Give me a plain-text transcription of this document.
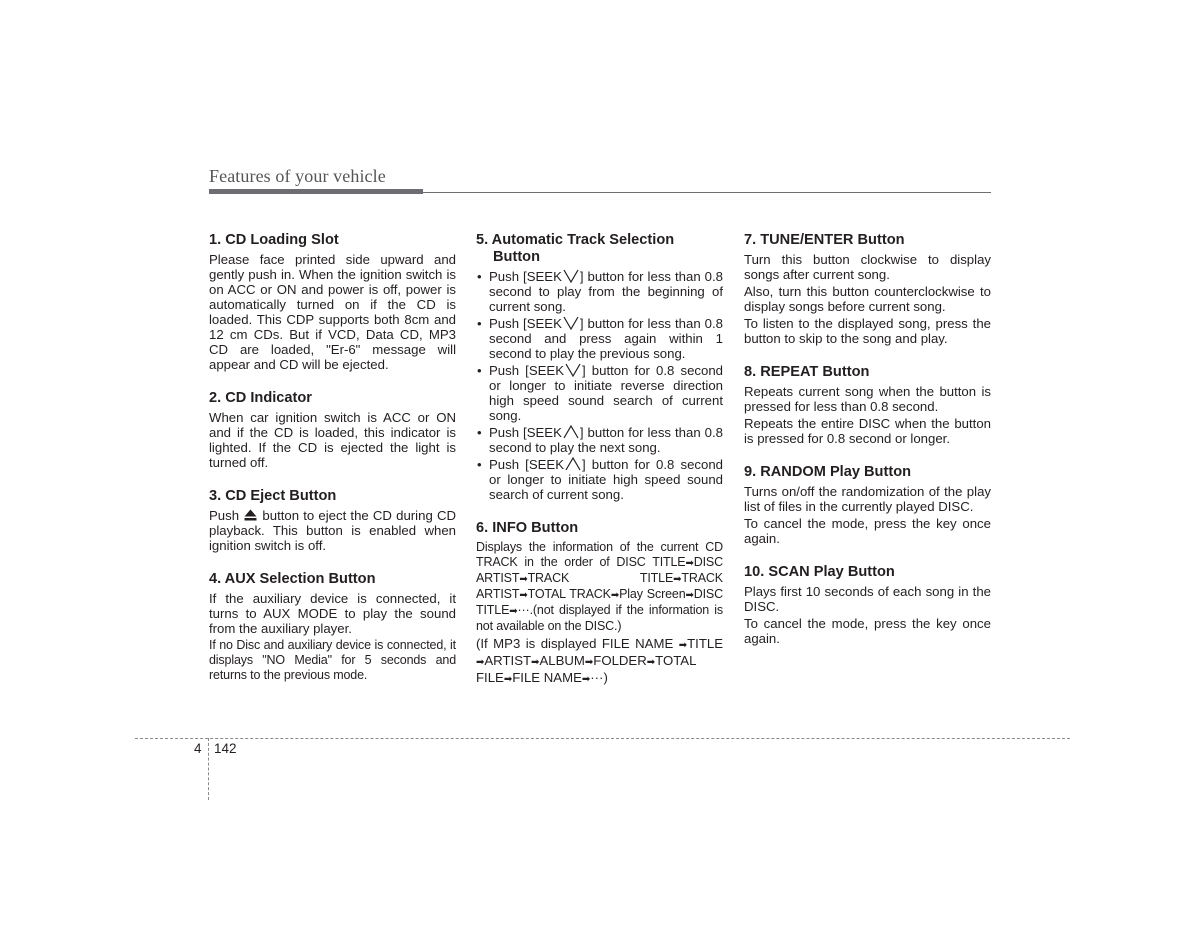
Features of your vehicle
1. CD Loading Slot
Please face printed side upward and gently push in. When the ignition switch is on ACC or ON and power is off, power is automatically turned on if the CD is loaded. This CDP supports both 8cm and 12 cm CDs. But if VCD, Data CD, MP3 CD are loaded, "Er-6" message will appear and CD will be ejected.
2. CD Indicator
When car ignition switch is ACC or ON and if the CD is loaded, this indicator is lighted. If the CD is ejected the light is turned off.
3. CD Eject Button
Push button to eject the CD during CD playback. This button is enabled when ignition switch is off.
4. AUX Selection Button
If the auxiliary device is connected, it turns to AUX MODE to play the sound from the auxiliary player.
If no Disc and auxiliary device is connected, it displays "NO Media" for 5 seconds and returns to the previous mode.
5. Automatic Track Selection
Button
• Push [SEEK ] button for less than 0.8 second to play from the beginning of current song.
• Push [SEEK ] button for less than 0.8 second and press again within 1 second to play the previous song.
• Push [SEEK ] button for 0.8 second or longer to initiate reverse direction high speed sound search of current song.
• Push [SEEK ] button for less than 0.8 second to play the next song.
• Push [SEEK ] button for 0.8 second or longer to initiate high speed sound search of current song.
6. INFO Button
Displays the information of the current CD TRACK in the order of DISC TITLE➡DISC ARTIST➡TRACK TITLE➡TRACK ARTIST➡TOTAL TRACK➡Play Screen➡DISC TITLE➡···.(not displayed if the information is not available on the DISC.)
(If MP3 is displayed FILE NAME ➡TITLE ➡ARTIST➡ALBUM➡FOLDER➡TOTAL FILE➡FILE NAME➡···)
7. TUNE/ENTER Button
Turn this button clockwise to display songs after current song.
Also, turn this button counterclockwise to display songs before current song.
To listen to the displayed song, press the button to skip to the song and play.
8. REPEAT Button
Repeats current song when the button is pressed for less than 0.8 second.
Repeats the entire DISC when the button is pressed for 0.8 second or longer.
9. RANDOM Play Button
Turns on/off the randomization of the play list of files in the currently played DISC.
To cancel the mode, press the key once again.
10. SCAN Play Button
Plays first 10 seconds of each song in the DISC.
To cancel the mode, press the key once again.
4 142
